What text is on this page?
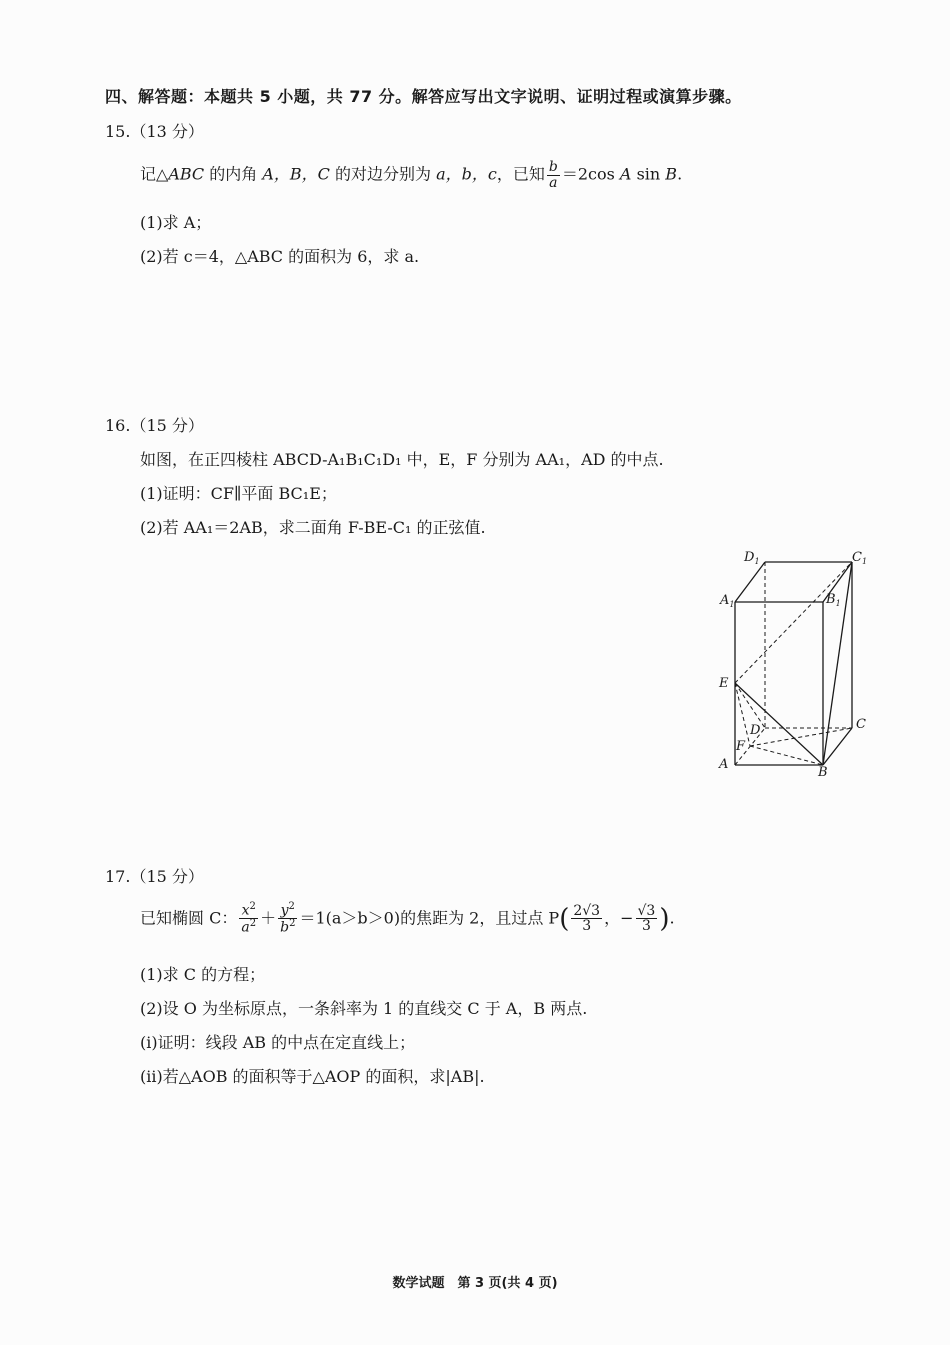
四、解答题：本题共 5 小题，共 77 分。解答应写出文字说明、证明过程或演算步骤。
15.（13 分）
记△ABC 的内角 A，B，C 的对边分别为 a，b，c，已知 $\frac{b}{a} =2\cos$ A sin B.
(1)求 A；
(2)若 c＝4，△ABC 的面积为 6，求 a.
16.（15 分）
如图，在正四棱柱 ABCD-A₁B₁C₁D₁ 中，E，F 分别为 AA₁，AD 的中点.
(1)证明：CF∥平面 BC₁E；
(2)若 AA₁＝2AB，求二面角 F-BE-C₁ 的正弦值.
$D_1$	$C_1$
$A_1$	$B_1$
E
D	C
F
A
B
17.（15 分）
已知椭圆 C： $\frac{x^2}{a^2} + \frac{y^2}{b^2} =1(a>b>0)$的焦距为 2，且过点 $P( \frac{2√3}{3}$ ，− $\frac{√3}{3}$ ).
(1)求 C 的方程；
(2)设 O 为坐标原点，一条斜率为 1 的直线交 C 于 A，B 两点.
(ⅰ)证明：线段 AB 的中点在定直线上；
(ⅱ)若△AOB 的面积等于△AOP 的面积，求|AB|.
数学试题　第 3 页(共 4 页)
